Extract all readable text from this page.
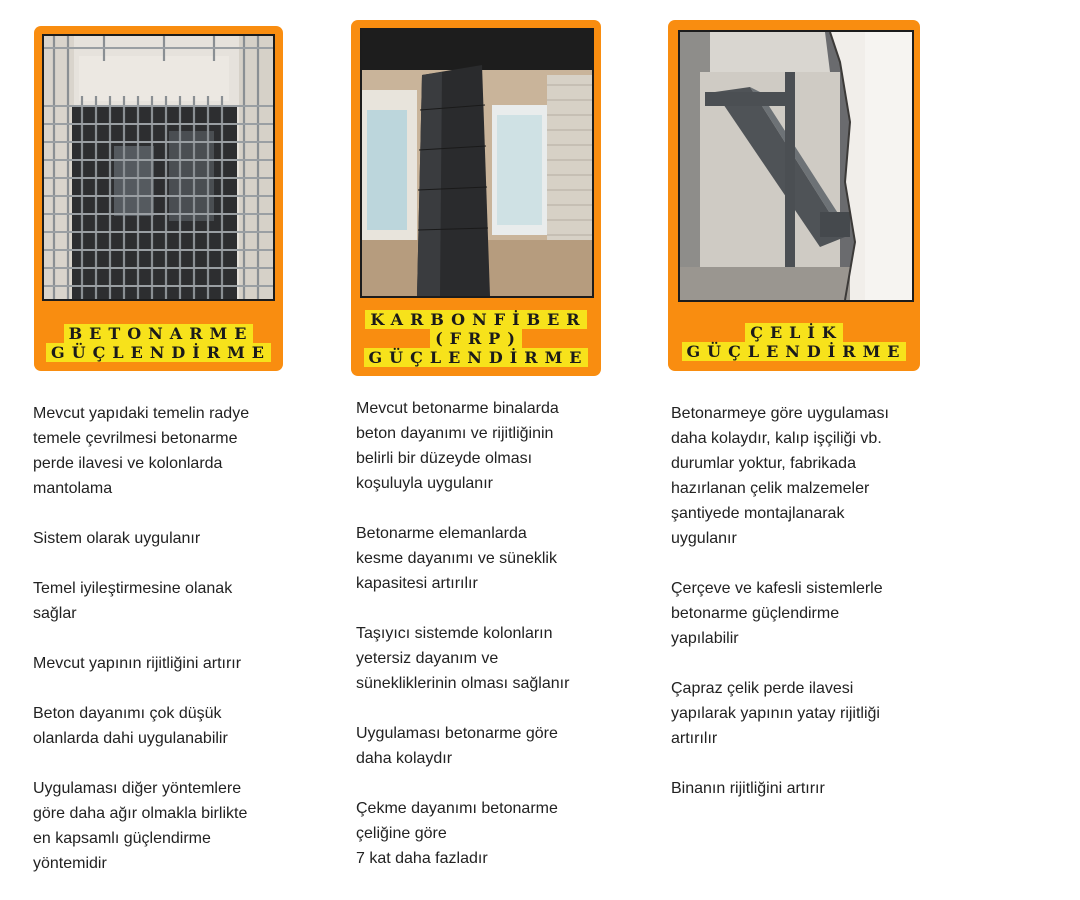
BETONARME
GÜÇLENDİRME
KARBONFİBER
(FRP)
GÜÇLENDİRME
ÇELİK
GÜÇLENDİRME

Mevcut yapıdaki temelin radye
temele çevrilmesi betonarme
perde ilavesi ve kolonlarda
mantolama

Sistem olarak uygulanır

Temel iyileştirmesine olanak
sağlar

Mevcut yapının rijitliğini artırır

Beton dayanımı çok düşük
olanlarda dahi uygulanabilir

Uygulaması diğer yöntemlere
göre daha ağır olmakla birlikte
en kapsamlı güçlendirme
yöntemidir

Mevcut betonarme binalarda
beton dayanımı ve rijitliğinin
belirli bir düzeyde olması
koşuluyla uygulanır

Betonarme elemanlarda
kesme dayanımı ve süneklik
kapasitesi artırılır

Taşıyıcı sistemde kolonların
yetersiz dayanım ve
sünekliklerinin olması sağlanır

Uygulaması betonarme göre
daha kolaydır

Çekme dayanımı betonarme
çeliğine göre
7 kat daha fazladır

Betonarmeye göre uygulaması
daha kolaydır, kalıp işçiliği vb.
durumlar yoktur, fabrikada
hazırlanan çelik malzemeler
şantiyede montajlanarak
uygulanır

Çerçeve ve kafesli sistemlerle
betonarme güçlendirme
yapılabilir

Çapraz çelik perde ilavesi
yapılarak yapının yatay rijitliği
artırılır

Binanın rijitliğini artırır
